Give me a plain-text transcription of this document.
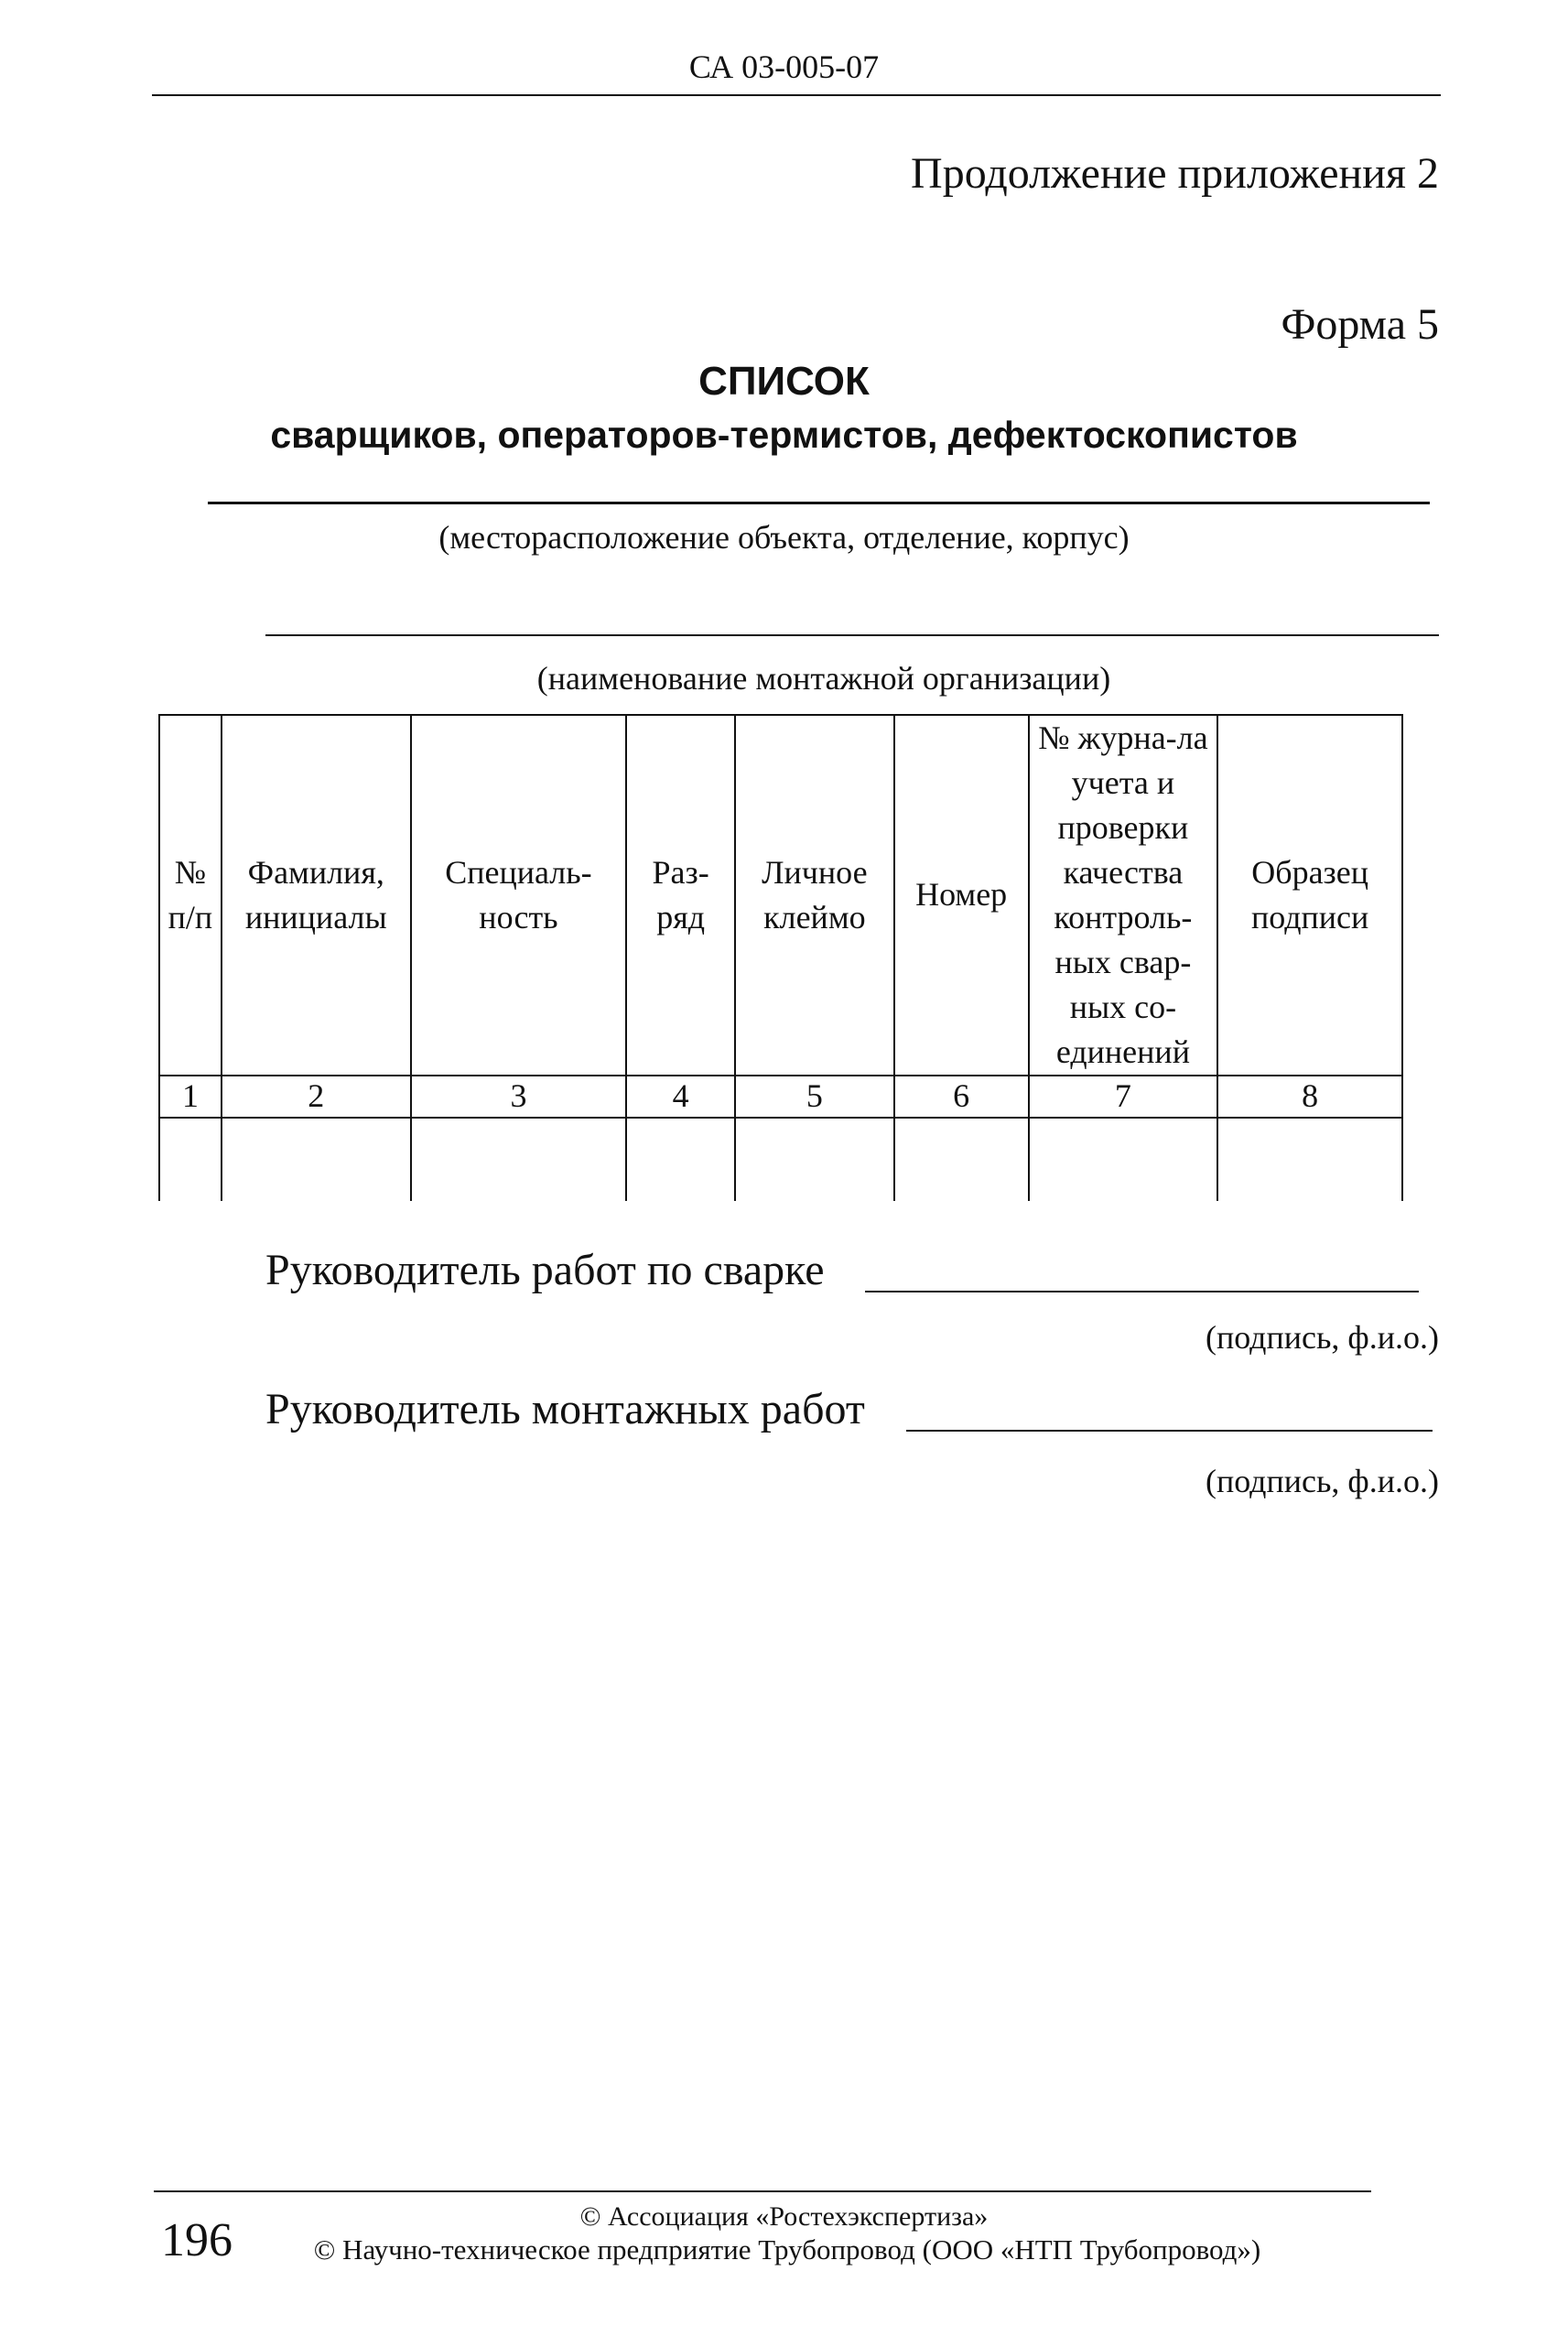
СА 03-005-07
Продолжение приложения 2
Форма 5
СПИСОК
сварщиков, операторов-термистов, дефектоскопистов
(месторасположение объекта, отделение, корпус)
(наименование монтажной организации)
№ п/п	Фамилия, инициалы	Специаль-ность	Раз-ряд	Личное клеймо	Номер	№ журна-ла учета и проверки качества контроль-ных свар-ных со-единений	Образец подписи
1	2	3	4	5	6	7	8

Руководитель работ по сварке
(подпись, ф.и.о.)
Руководитель монтажных работ
(подпись, ф.и.о.)
© Ассоциация «Ростехэкспертиза»
196	© Научно-техническое предприятие Трубопровод (ООО «НТП Трубопровод»)
